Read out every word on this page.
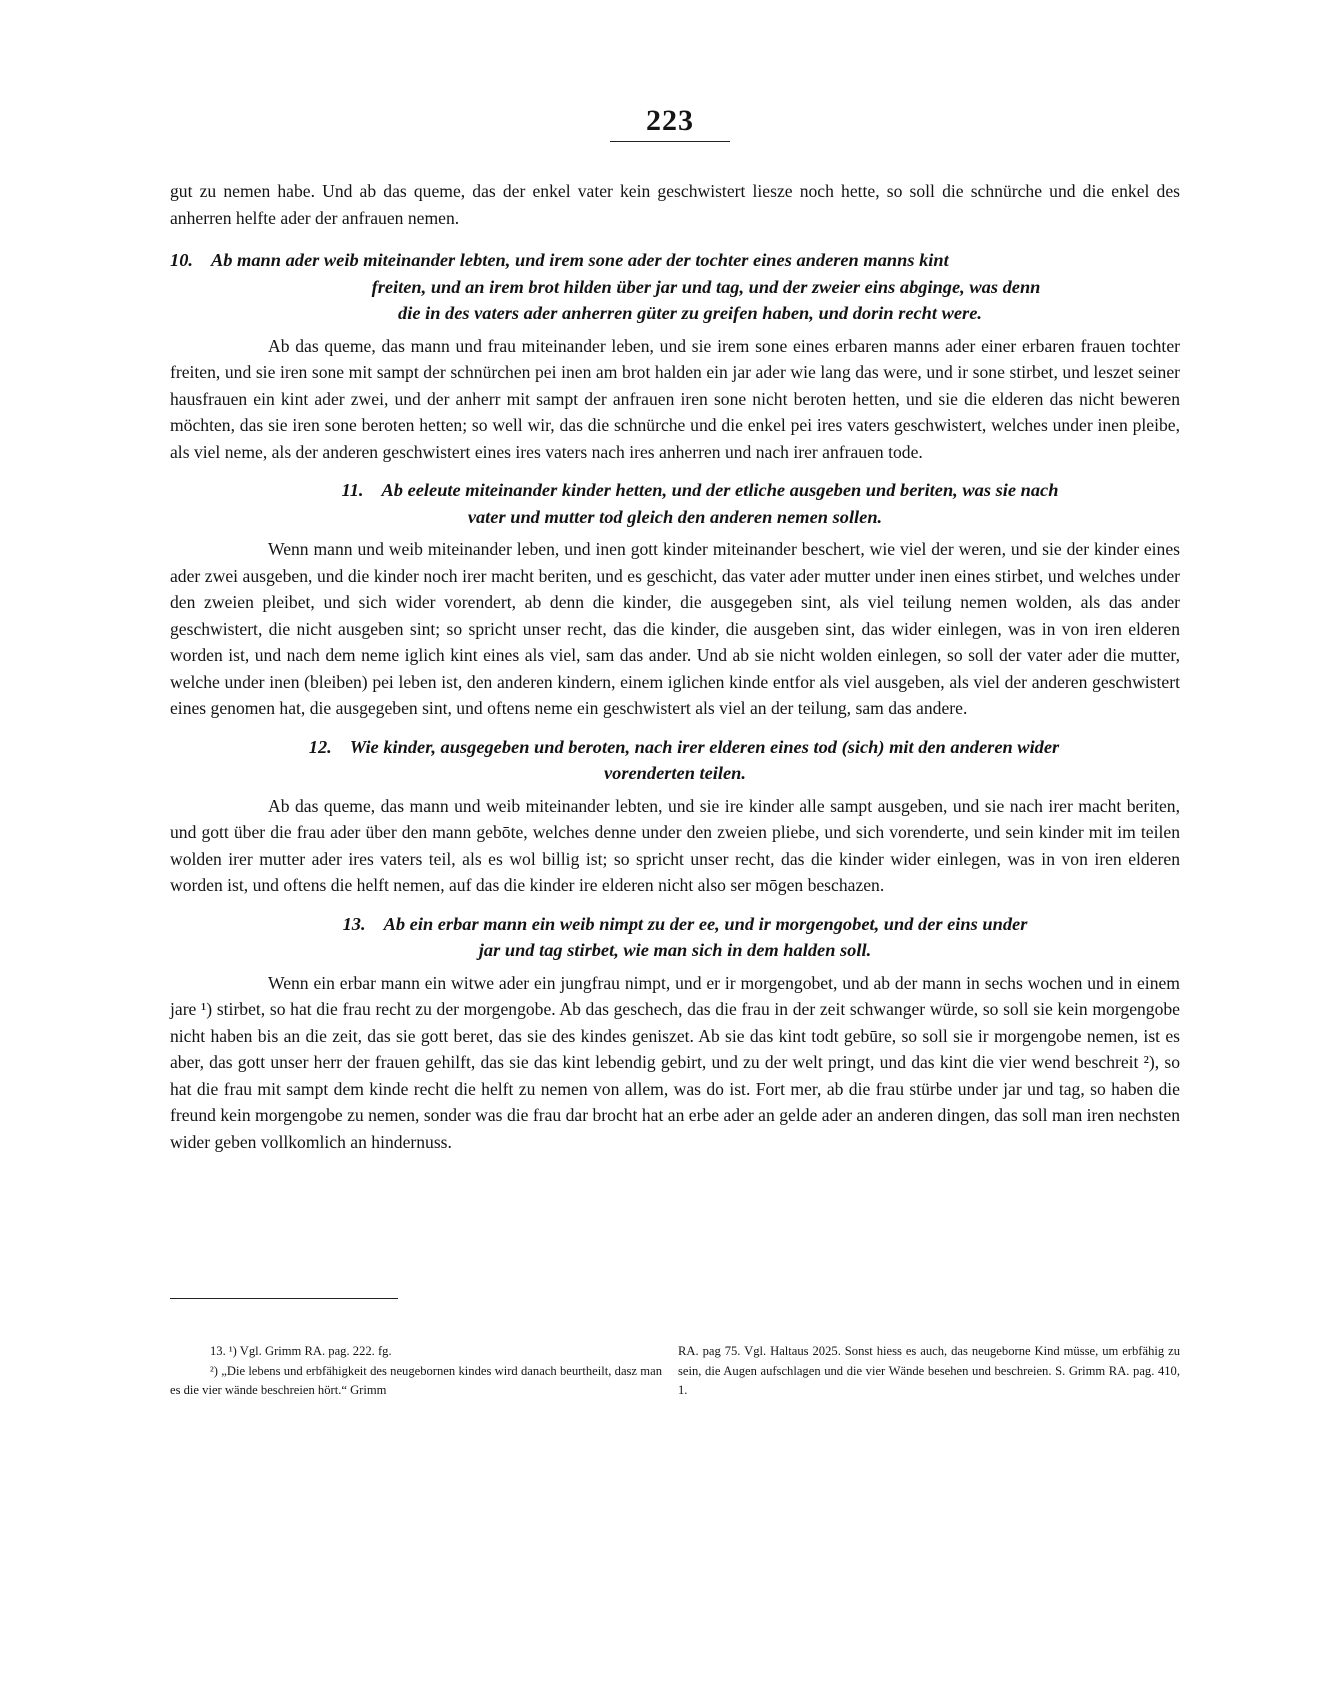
223

gut zu nemen habe. Und ab das queme, das der enkel vater kein geschwistert liesze noch hette, so soll die schnürche und die enkel des anherren helfte ader der anfrauen nemen.

10. Ab mann ader weib miteinander lebten, und irem sone ader der tochter eines anderen manns kint
freiten, und an irem brot hilden über jar und tag, und der zweier eins abginge, was denn
die in des vaters ader anherren güter zu greifen haben, und dorin recht were.

Ab das queme, das mann und frau miteinander leben, und sie irem sone eines erbaren manns ader einer erbaren frauen tochter freiten, und sie iren sone mit sampt der schnürchen pei inen am brot halden ein jar ader wie lang das were, und ir sone stirbet, und leszet seiner hausfrauen ein kint ader zwei, und der anherr mit sampt der anfrauen iren sone nicht beroten hetten, und sie die elderen das nicht beweren möchten, das sie iren sone beroten hetten; so well wir, das die schnürche und die enkel pei ires vaters geschwistert, welches under inen pleibe, als viel neme, als der anderen geschwistert eines ires vaters nach ires anherren und nach irer anfrauen tode.

11. Ab eeleute miteinander kinder hetten, und der etliche ausgeben und beriten, was sie nach
vater und mutter tod gleich den anderen nemen sollen.

Wenn mann und weib miteinander leben, und inen gott kinder miteinander beschert, wie viel der weren, und sie der kinder eines ader zwei ausgeben, und die kinder noch irer macht beriten, und es geschicht, das vater ader mutter under inen eines stirbet, und welches under den zweien pleibet, und sich wider vorendert, ab denn die kinder, die ausgegeben sint, als viel teilung nemen wolden, als das ander geschwistert, die nicht ausgeben sint; so spricht unser recht, das die kinder, die ausgeben sint, das wider einlegen, was in von iren elderen worden ist, und nach dem neme iglich kint eines als viel, sam das ander. Und ab sie nicht wolden einlegen, so soll der vater ader die mutter, welche under inen (bleiben) pei leben ist, den anderen kindern, einem iglichen kinde entfor als viel ausgeben, als viel der anderen geschwistert eines genomen hat, die ausgegeben sint, und oftens neme ein geschwistert als viel an der teilung, sam das andere.

12. Wie kinder, ausgegeben und beroten, nach irer elderen eines tod (sich) mit den anderen wider
vorenderten teilen.

Ab das queme, das mann und weib miteinander lebten, und sie ire kinder alle sampt ausgeben, und sie nach irer macht beriten, und gott über die frau ader über den mann gebōte, welches denne under den zweien pliebe, und sich vorenderte, und sein kinder mit im teilen wolden irer mutter ader ires vaters teil, als es wol billig ist; so spricht unser recht, das die kinder wider einlegen, was in von iren elderen worden ist, und oftens die helft nemen, auf das die kinder ire elderen nicht also ser mōgen beschazen.

13. Ab ein erbar mann ein weib nimpt zu der ee, und ir morgengobet, und der eins under
jar und tag stirbet, wie man sich in dem halden soll.

Wenn ein erbar mann ein witwe ader ein jungfrau nimpt, und er ir morgengobet, und ab der mann in sechs wochen und in einem jare ¹) stirbet, so hat die frau recht zu der morgengobe. Ab das geschech, das die frau in der zeit schwanger würde, so soll sie kein morgengobe nicht haben bis an die zeit, das sie gott beret, das sie des kindes geniszet. Ab sie das kint todt gebūre, so soll sie ir morgengobe nemen, ist es aber, das gott unser herr der frauen gehilft, das sie das kint lebendig gebirt, und zu der welt pringt, und das kint die vier wend beschreit ²), so hat die frau mit sampt dem kinde recht die helft zu nemen von allem, was do ist. Fort mer, ab die frau stürbe under jar und tag, so haben die freund kein morgengobe zu nemen, sonder was die frau dar brocht hat an erbe ader an gelde ader an anderen dingen, das soll man iren nechsten wider geben vollkomlich an hindernuss.

13. ¹) Vgl. Grimm RA. pag. 222. fg.

²) „Die lebens und erbfähigkeit des neugebornen kindes wird danach beurtheilt, dasz man es die vier wände beschreien hört.“ Grimm

RA. pag 75. Vgl. Haltaus 2025. Sonst hiess es auch, das neugeborne Kind müsse, um erbfähig zu sein, die Augen aufschlagen und die vier Wände besehen und beschreien. S. Grimm RA. pag. 410, 1.
